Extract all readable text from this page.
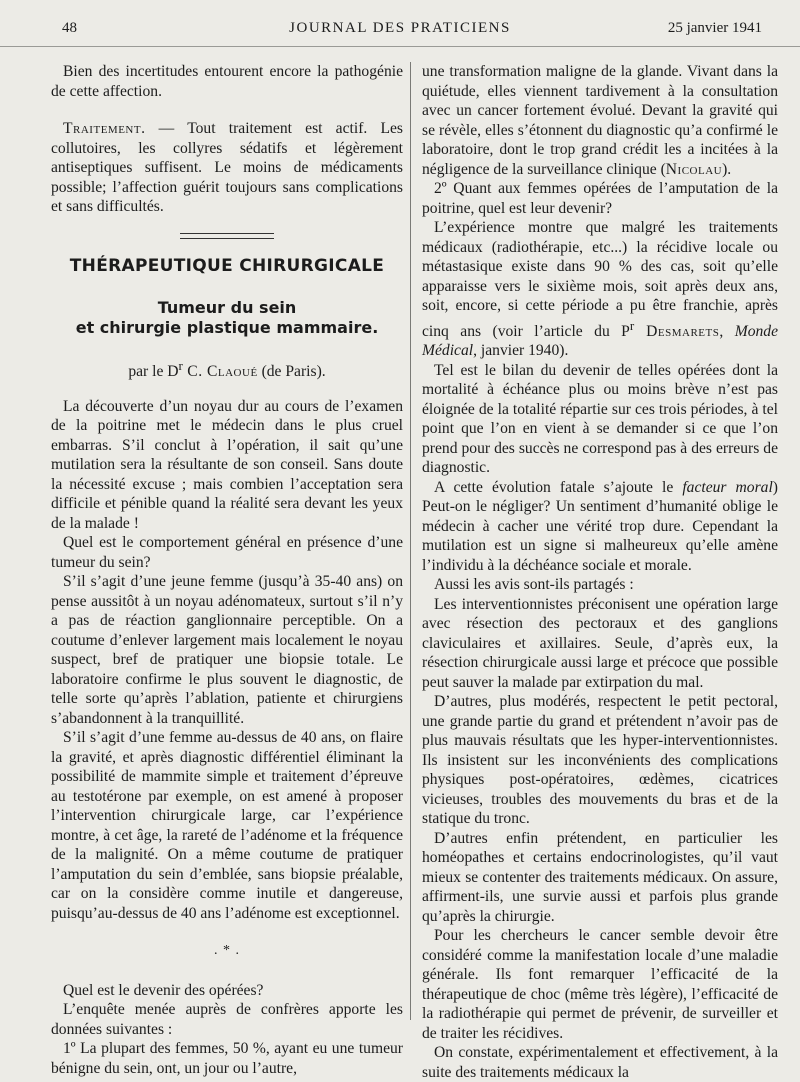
48	JOURNAL DES PRATICIENS	25 janvier 1941

Bien des incertitudes entourent encore la pathogénie de cette affection.

Traitement. — Tout traitement est actif. Les collutoires, les collyres sédatifs et légèrement antiseptiques suffisent. Le moins de médicaments possible; l’affection guérit toujours sans complications et sans difficultés.

THÉRAPEUTIQUE CHIRURGICALE
Tumeur du sein
et chirurgie plastique mammaire.
par le $D^r$ C. Claoué (de Paris).

La découverte d’un noyau dur au cours de l’examen de la poitrine met le médecin dans le plus cruel embarras. S’il conclut à l’opération, il sait qu’une mutilation sera la résultante de son conseil. Sans doute la nécessité excuse ; mais combien l’acceptation sera difficile et pénible quand la réalité sera devant les yeux de la malade !

Quel est le comportement général en présence d’une tumeur du sein?

S’il s’agit d’une jeune femme (jusqu’à 35-40 ans) on pense aussitôt à un noyau adénomateux, surtout s’il n’y a pas de réaction ganglionnaire perceptible. On a coutume d’enlever largement mais localement le noyau suspect, bref de pratiquer une biopsie totale. Le laboratoire confirme le plus souvent le diagnostic, de telle sorte qu’après l’ablation, patiente et chirurgiens s’abandonnent à la tranquillité.

S’il s’agit d’une femme au-dessus de 40 ans, on flaire la gravité, et après diagnostic différentiel éliminant la possibilité de mammite simple et traitement d’épreuve au testotérone par exemple, on est amené à proposer l’intervention chirurgicale large, car l’expérience montre, à cet âge, la rareté de l’adénome et la fréquence de la malignité. On a même coutume de pratiquer l’amputation du sein d’emblée, sans biopsie préalable, car on la considère comme inutile et dangereuse, puisqu’au-dessus de 40 ans l’adénome est exceptionnel.

. * .

Quel est le devenir des opérées?

L’enquête menée auprès de confrères apporte les données suivantes :

1º La plupart des femmes, 50 %, ayant eu une tumeur bénigne du sein, ont, un jour ou l’autre,

une transformation maligne de la glande. Vivant dans la quiétude, elles viennent tardivement à la consultation avec un cancer fortement évolué. Devant la gravité qui se révèle, elles s’étonnent du diagnostic qu’a confirmé le laboratoire, dont le trop grand crédit les a incitées à la négligence de la surveillance clinique (Nicolau).

2º Quant aux femmes opérées de l’amputation de la poitrine, quel est leur devenir?

L’expérience montre que malgré les traitements médicaux (radiothérapie, etc...) la récidive locale ou métastasique existe dans 90 % des cas, soit qu’elle apparaisse vers le sixième mois, soit après deux ans, soit, encore, si cette période a pu être franchie, après cinq ans (voir l’article du $P^r$ Desmarets, Monde Médical, janvier 1940).

Tel est le bilan du devenir de telles opérées dont la mortalité à échéance plus ou moins brève n’est pas éloignée de la totalité répartie sur ces trois périodes, à tel point que l’on en vient à se demander si ce que l’on prend pour des succès ne correspond pas à des erreurs de diagnostic.

A cette évolution fatale s’ajoute le facteur moral) Peut-on le négliger? Un sentiment d’humanité oblige le médecin à cacher une vérité trop dure. Cependant la mutilation est un signe si malheureux qu’elle amène l’individu à la déchéance sociale et morale.

Aussi les avis sont-ils partagés :

Les interventionnistes préconisent une opération large avec résection des pectoraux et des ganglions claviculaires et axillaires. Seule, d’après eux, la résection chirurgicale aussi large et précoce que possible peut sauver la malade par extirpation du mal.

D’autres, plus modérés, respectent le petit pectoral, une grande partie du grand et prétendent n’avoir pas de plus mauvais résultats que les hyper-interventionnistes. Ils insistent sur les inconvénients des complications physiques post-opératoires, œdèmes, cicatrices vicieuses, troubles des mouvements du bras et de la statique du tronc.

D’autres enfin prétendent, en particulier les homéopathes et certains endocrinologistes, qu’il vaut mieux se contenter des traitements médicaux. On assure, affirment-ils, une survie aussi et parfois plus grande qu’après la chirurgie.

Pour les chercheurs le cancer semble devoir être considéré comme la manifestation locale d’une maladie générale. Ils font remarquer l’efficacité de la thérapeutique de choc (même très légère), l’efficacité de la radiothérapie qui permet de prévenir, de surveiller et de traiter les récidives.

On constate, expérimentalement et effectivement, à la suite des traitements médicaux la
